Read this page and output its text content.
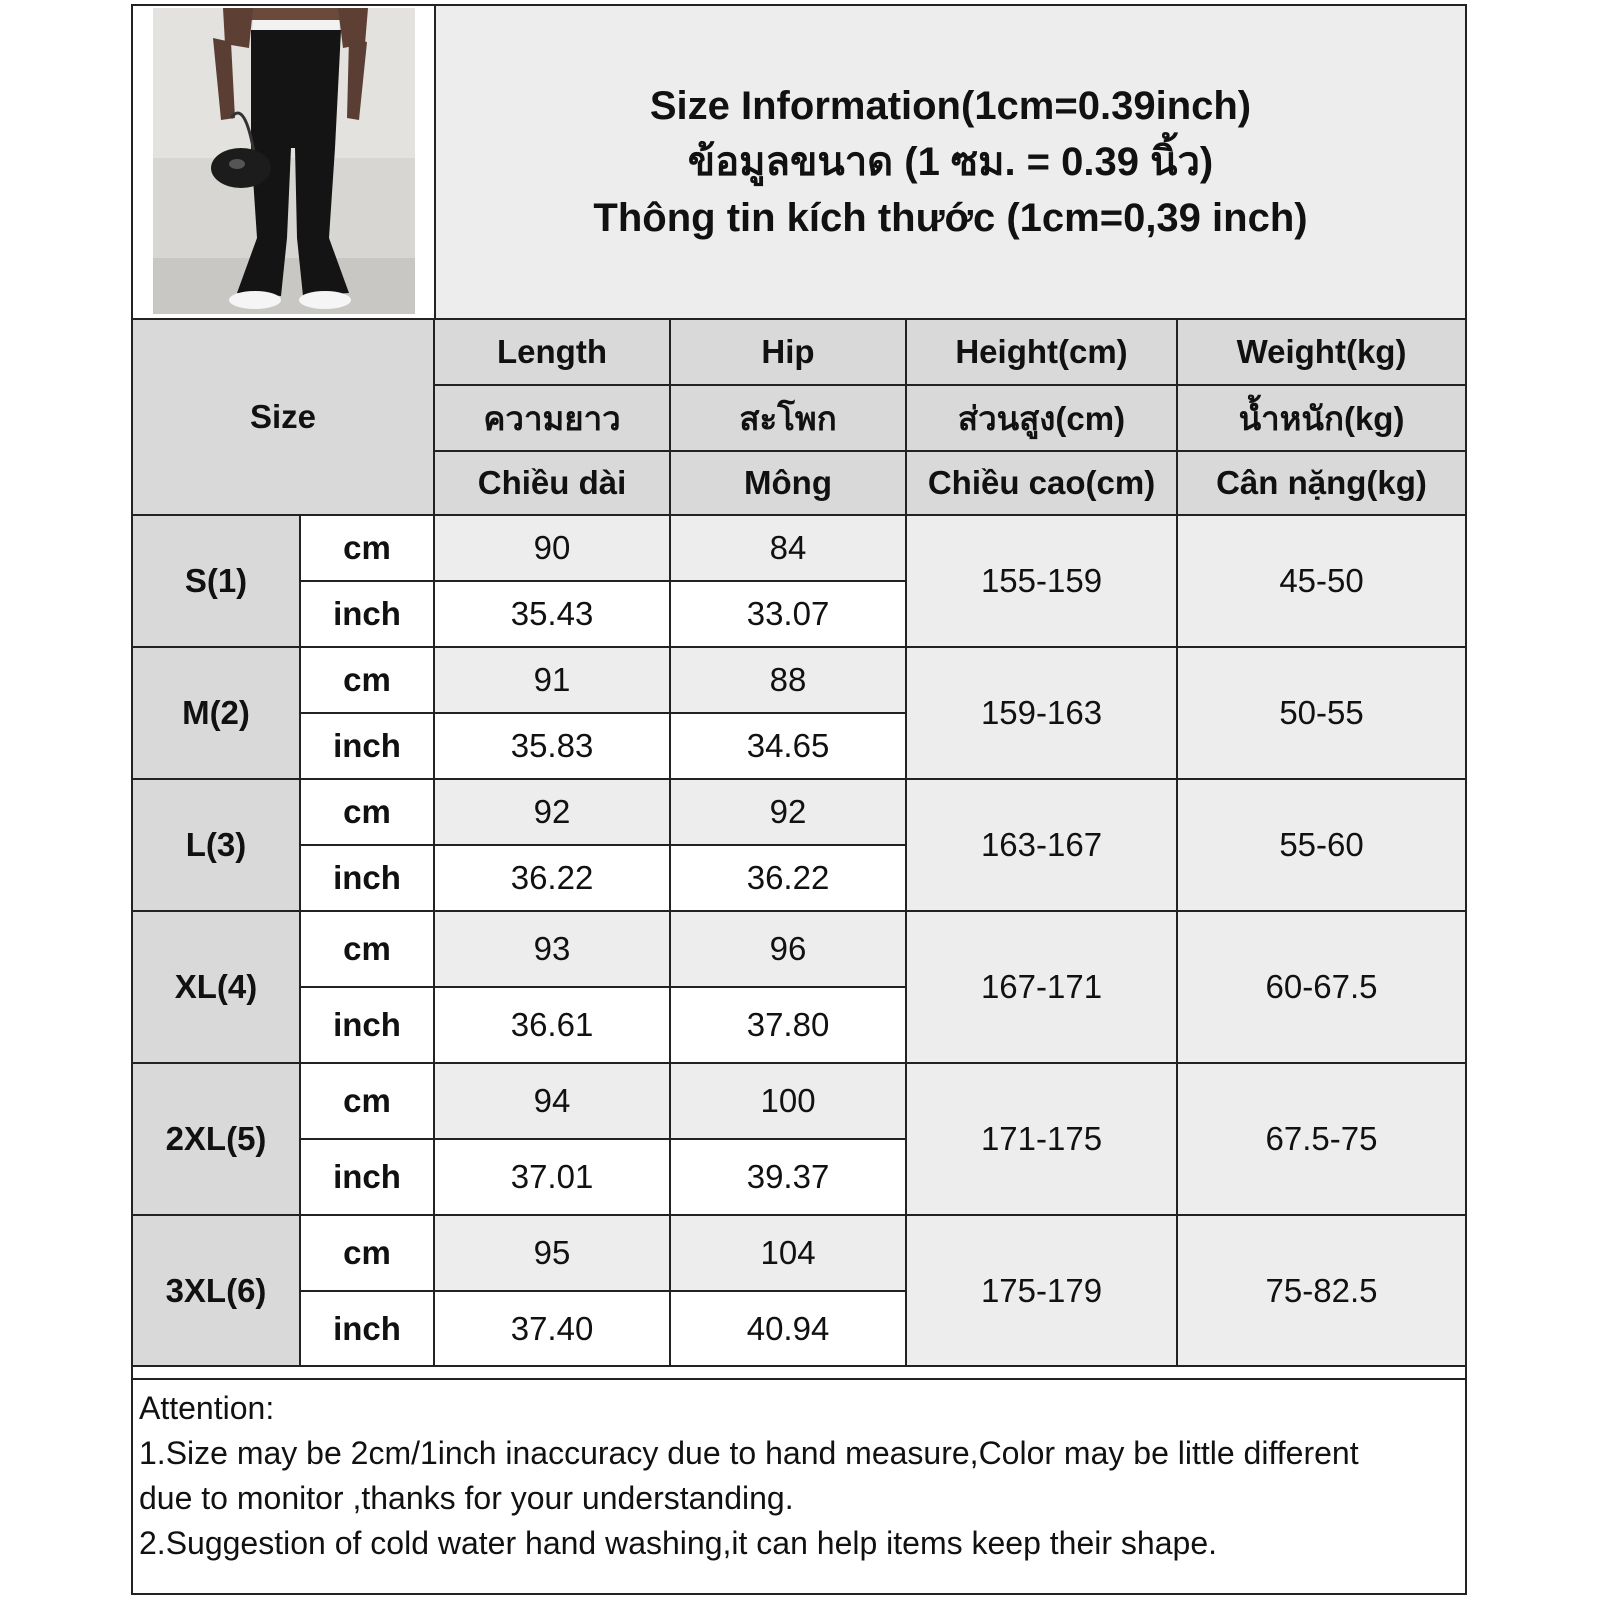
Size Information(1cm=0.39inch)
ข้อมูลขนาด (1 ซม. = 0.39 นิ้ว)
Thông tin kích thước (1cm=0,39 inch)
Size		Length	Hip	Height(cm)	Weight(kg)
		ความยาว	สะโพก	ส่วนสูง(cm)	น้ำหนัก(kg)
		Chiều dài	Mông	Chiều cao(cm)	Cân nặng(kg)
S(1)	cm	90	84	155-159	45-50
	inch	35.43	33.07		
M(2)	cm	91	88	159-163	50-55
	inch	35.83	34.65		
L(3)	cm	92	92	163-167	55-60
	inch	36.22	36.22		
XL(4)	cm	93	96	167-171	60-67.5
	inch	36.61	37.80		
2XL(5)	cm	94	100	171-175	67.5-75
	inch	37.01	39.37		
3XL(6)	cm	95	104	175-179	75-82.5
	inch	37.40	40.94		
Attention:
1.Size may be 2cm/1inch inaccuracy due to hand measure,Color may be little different
due to monitor ,thanks for your understanding.
2.Suggestion of cold water hand washing,it can help items keep their shape.
